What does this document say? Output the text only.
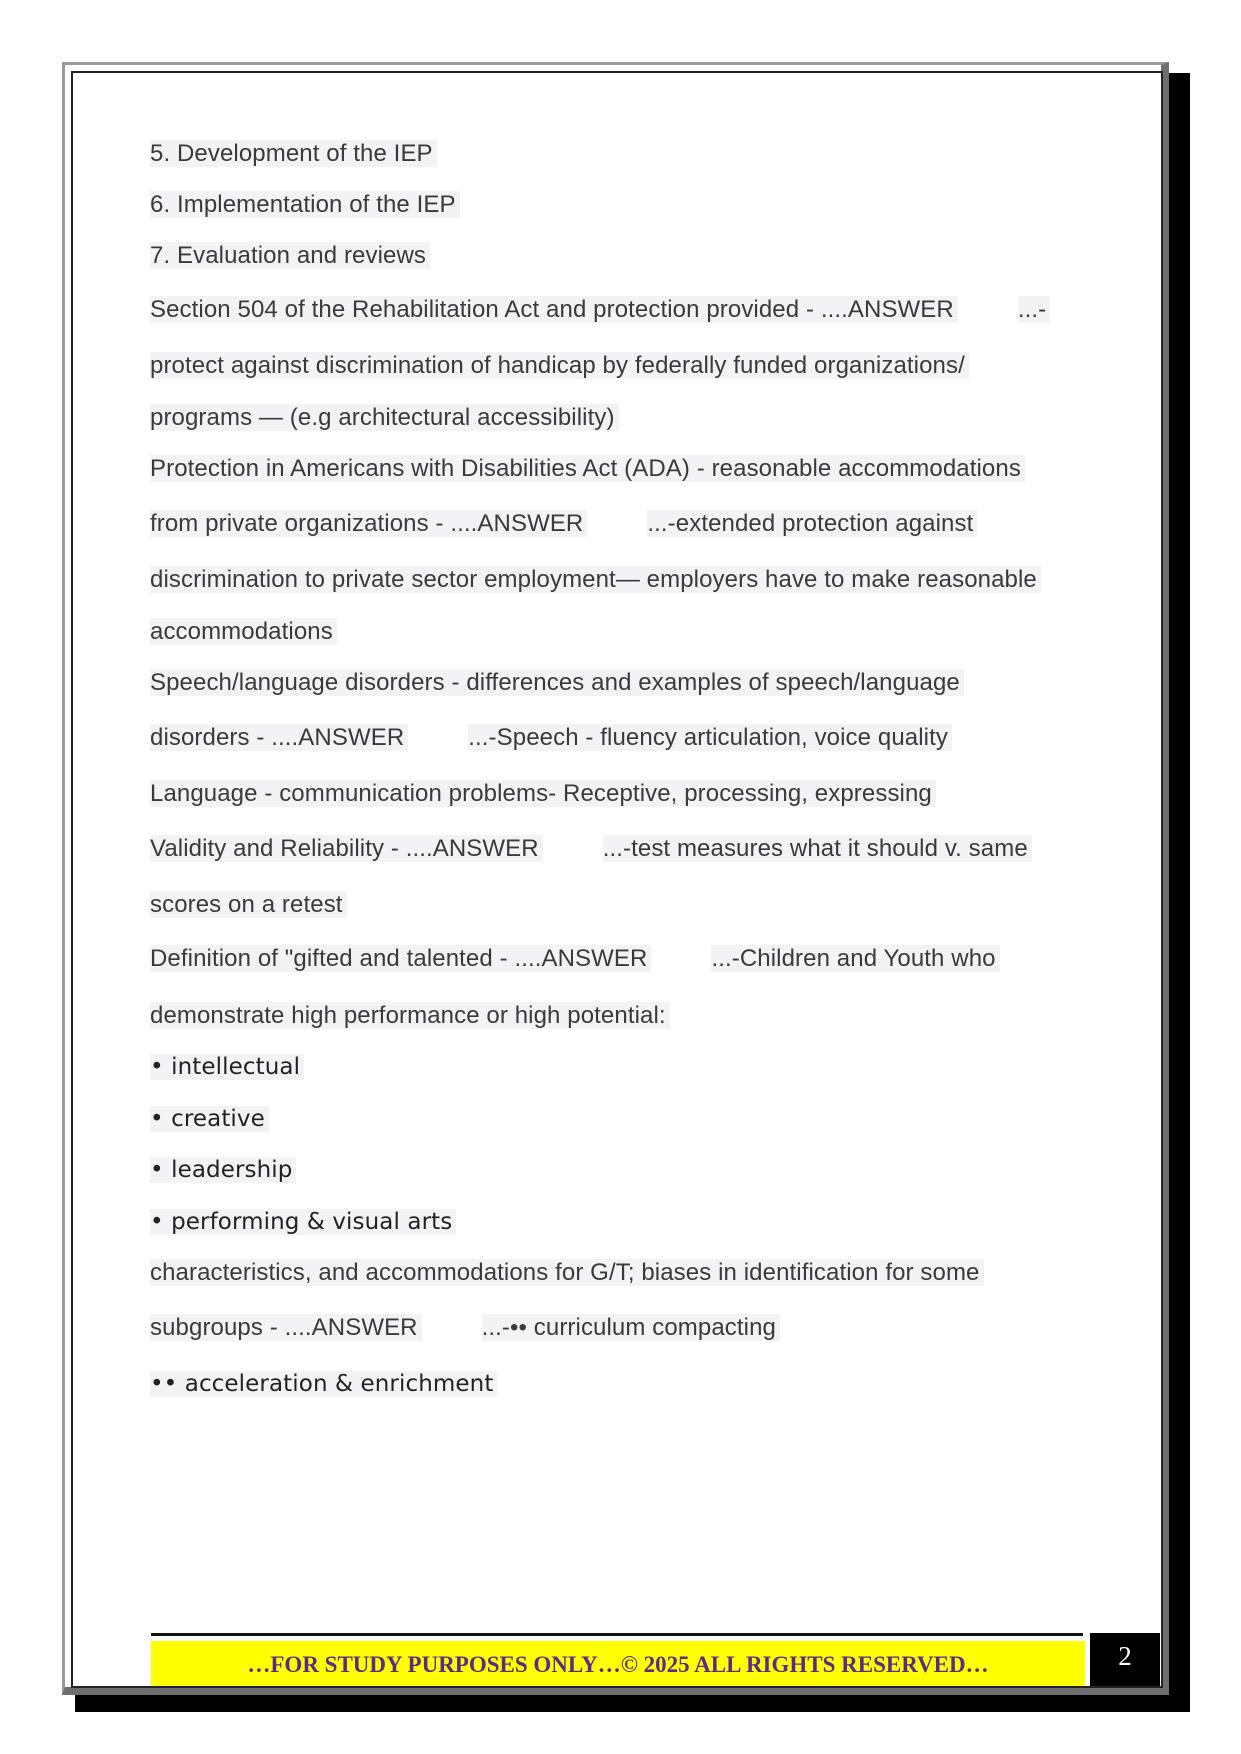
5. Development of the IEP
6. Implementation of the IEP
7. Evaluation and reviews
Section 504 of the Rehabilitation Act and protection provided - ....ANSWER	...-
protect against discrimination of handicap by federally funded organizations/
programs — (e.g architectural accessibility)
Protection in Americans with Disabilities Act (ADA) - reasonable accommodations
from private organizations - ....ANSWER	...-extended protection against
discrimination to private sector employment— employers have to make reasonable
accommodations
Speech/language disorders - differences and examples of speech/language
disorders - ....ANSWER	...-Speech - fluency articulation, voice quality
Language - communication problems- Receptive, processing, expressing
Validity and Reliability - ....ANSWER	...-test measures what it should v. same
scores on a retest
Definition of "gifted and talented - ....ANSWER	...-Children and Youth who
demonstrate high performance or high potential:
• intellectual
• creative
• leadership
• performing & visual arts
characteristics, and accommodations for G/T; biases in identification for some
subgroups - ....ANSWER	...-•• curriculum compacting
•• acceleration & enrichment
…FOR STUDY PURPOSES ONLY…© 2025 ALL RIGHTS RESERVED…	2
